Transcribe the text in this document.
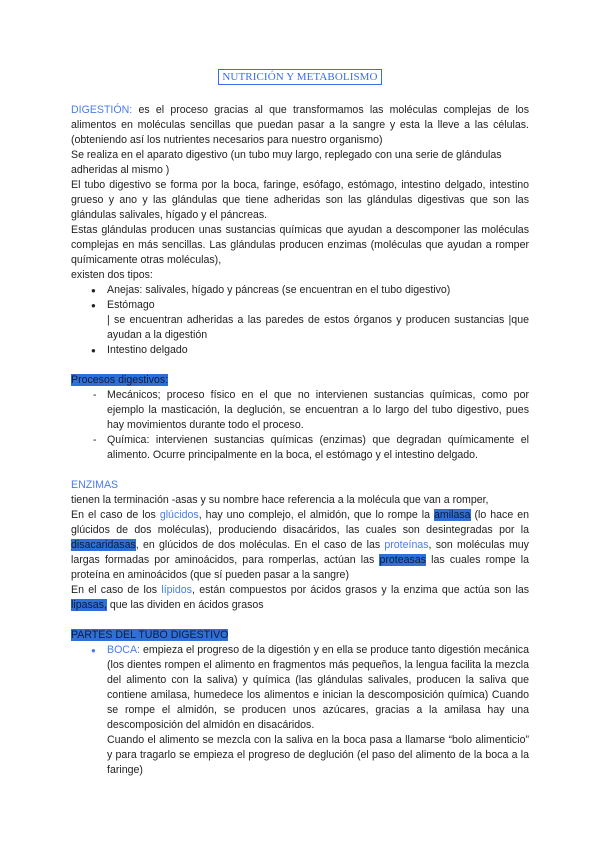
NUTRICIÓN Y METABOLISMO

DIGESTIÓN: es el proceso gracias al que transformamos las moléculas complejas de los alimentos en moléculas sencillas que puedan pasar a la sangre y esta la lleve a las células. (obteniendo así los nutrientes necesarios para nuestro organismo)

Se realiza en el aparato digestivo (un tubo muy largo, replegado con una serie de glándulas adheridas al mismo )

El tubo digestivo se forma por la boca, faringe, esófago, estómago, intestino delgado, intestino grueso y ano y las glándulas que tiene adheridas son las glándulas digestivas que son las glándulas salivales, hígado y el páncreas.

Estas glándulas producen unas sustancias químicas que ayudan a descomponer las moléculas complejas en más sencillas. Las glándulas producen enzimas (moléculas que ayudan a romper químicamente otras moléculas),

existen dos tipos:

● Anejas: salivales, hígado y páncreas (se encuentran en el tubo digestivo)
● Estómago

| se encuentran adheridas a las paredes de estos órganos y producen sustancias |que ayudan a la digestión

● Intestino delgado

Procesos digestivos:

- Mecánicos; proceso físico en el que no intervienen sustancias químicas, como por ejemplo la masticación, la deglución, se encuentran a lo largo del tubo digestivo, pues hay movimientos durante todo el proceso.
- Química: intervienen sustancias químicas (enzimas) que degradan químicamente el alimento. Ocurre principalmente en la boca, el estómago y el intestino delgado.

ENZIMAS

tienen la terminación -asas y su nombre hace referencia a la molécula que van a romper,

En el caso de los glúcidos, hay uno complejo, el almidón, que lo rompe la amilasa (lo hace en glúcidos de dos moléculas), produciendo disacáridos, las cuales son desintegradas por la disacaridasas, en glúcidos de dos moléculas. En el caso de las proteínas, son moléculas muy largas formadas por aminoácidos, para romperlas, actúan las proteasas las cuales rompe la proteína en aminoácidos (que sí pueden pasar a la sangre)

En el caso de los lípidos, están compuestos por ácidos grasos y la enzima que actúa son las lipasas, que las dividen en ácidos grasos

PARTES DEL TUBO DIGESTIVO

● BOCA: empieza el progreso de la digestión y en ella se produce tanto digestión mecánica (los dientes rompen el alimento en fragmentos más pequeños, la lengua facilita la mezcla del alimento con la saliva) y química (las glándulas salivales, producen la saliva que contiene amilasa, humedece los alimentos e inician la descomposición química) Cuando se rompe el almidón, se producen unos azúcares, gracias a la amilasa hay una descomposición del almidón en disacáridos.
Cuando el alimento se mezcla con la saliva en la boca pasa a llamarse “bolo alimenticio” y para tragarlo se empieza el progreso de deglución (el paso del alimento de la boca a la faringe)
